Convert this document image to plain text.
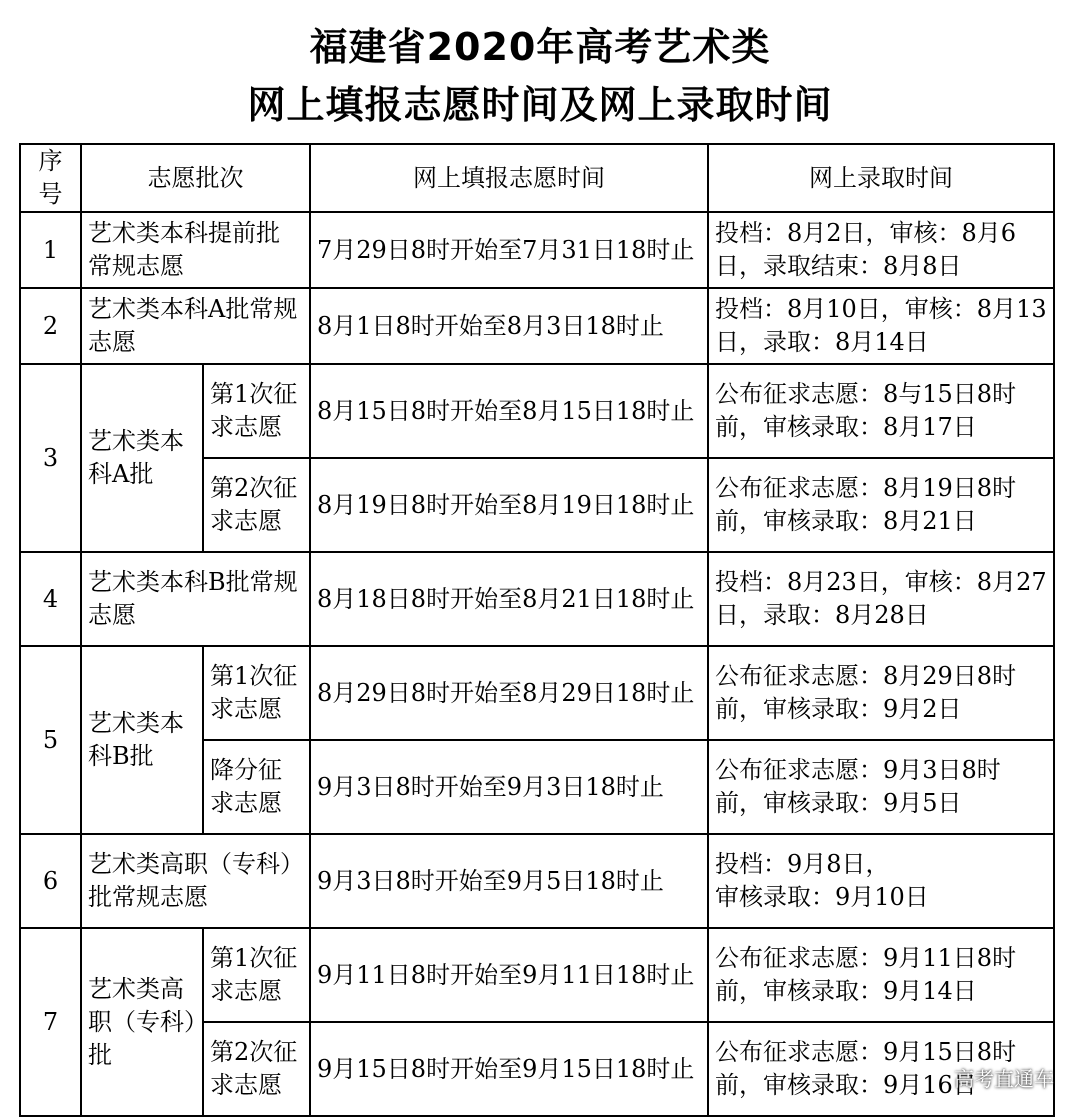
福建省2020年高考艺术类
网上填报志愿时间及网上录取时间
序号	志愿批次		网上填报志愿时间	网上录取时间
1	艺术类本科提前批常规志愿		7月29日8时开始至7月31日18时止	投档：8月2日，审核：8月6日，录取结束：8月8日
2	艺术类本科A批常规志愿		8月1日8时开始至8月3日18时止	投档：8月10日，审核：8月13日，录取：8月14日
3	艺术类本科A批	第1次征求志愿	8月15日8时开始至8月15日18时止	公布征求志愿：8与15日8时前，审核录取：8月17日
		第2次征求志愿	8月19日8时开始至8月19日18时止	公布征求志愿：8月19日8时前，审核录取：8月21日
4	艺术类本科B批常规志愿		8月18日8时开始至8月21日18时止	投档：8月23日，审核：8月27日，录取：8月28日
5	艺术类本科B批	第1次征求志愿	8月29日8时开始至8月29日18时止	公布征求志愿：8月29日8时前，审核录取：9月2日
		降分征求志愿	9月3日8时开始至9月3日18时止	公布征求志愿：9月3日8时前，审核录取：9月5日
6	艺术类高职（专科）批常规志愿		9月3日8时开始至9月5日18时止	投档：9月8日，
审核录取：9月10日

7	艺术类高职（专科）批	第1次征求志愿	9月11日8时开始至9月11日18时止	公布征求志愿：9月11日8时前，审核录取：9月14日
		第2次征求志愿	9月15日8时开始至9月15日18时止	公布征求志愿：9月15日8时前，审核录取：9月16日
高考直通车
